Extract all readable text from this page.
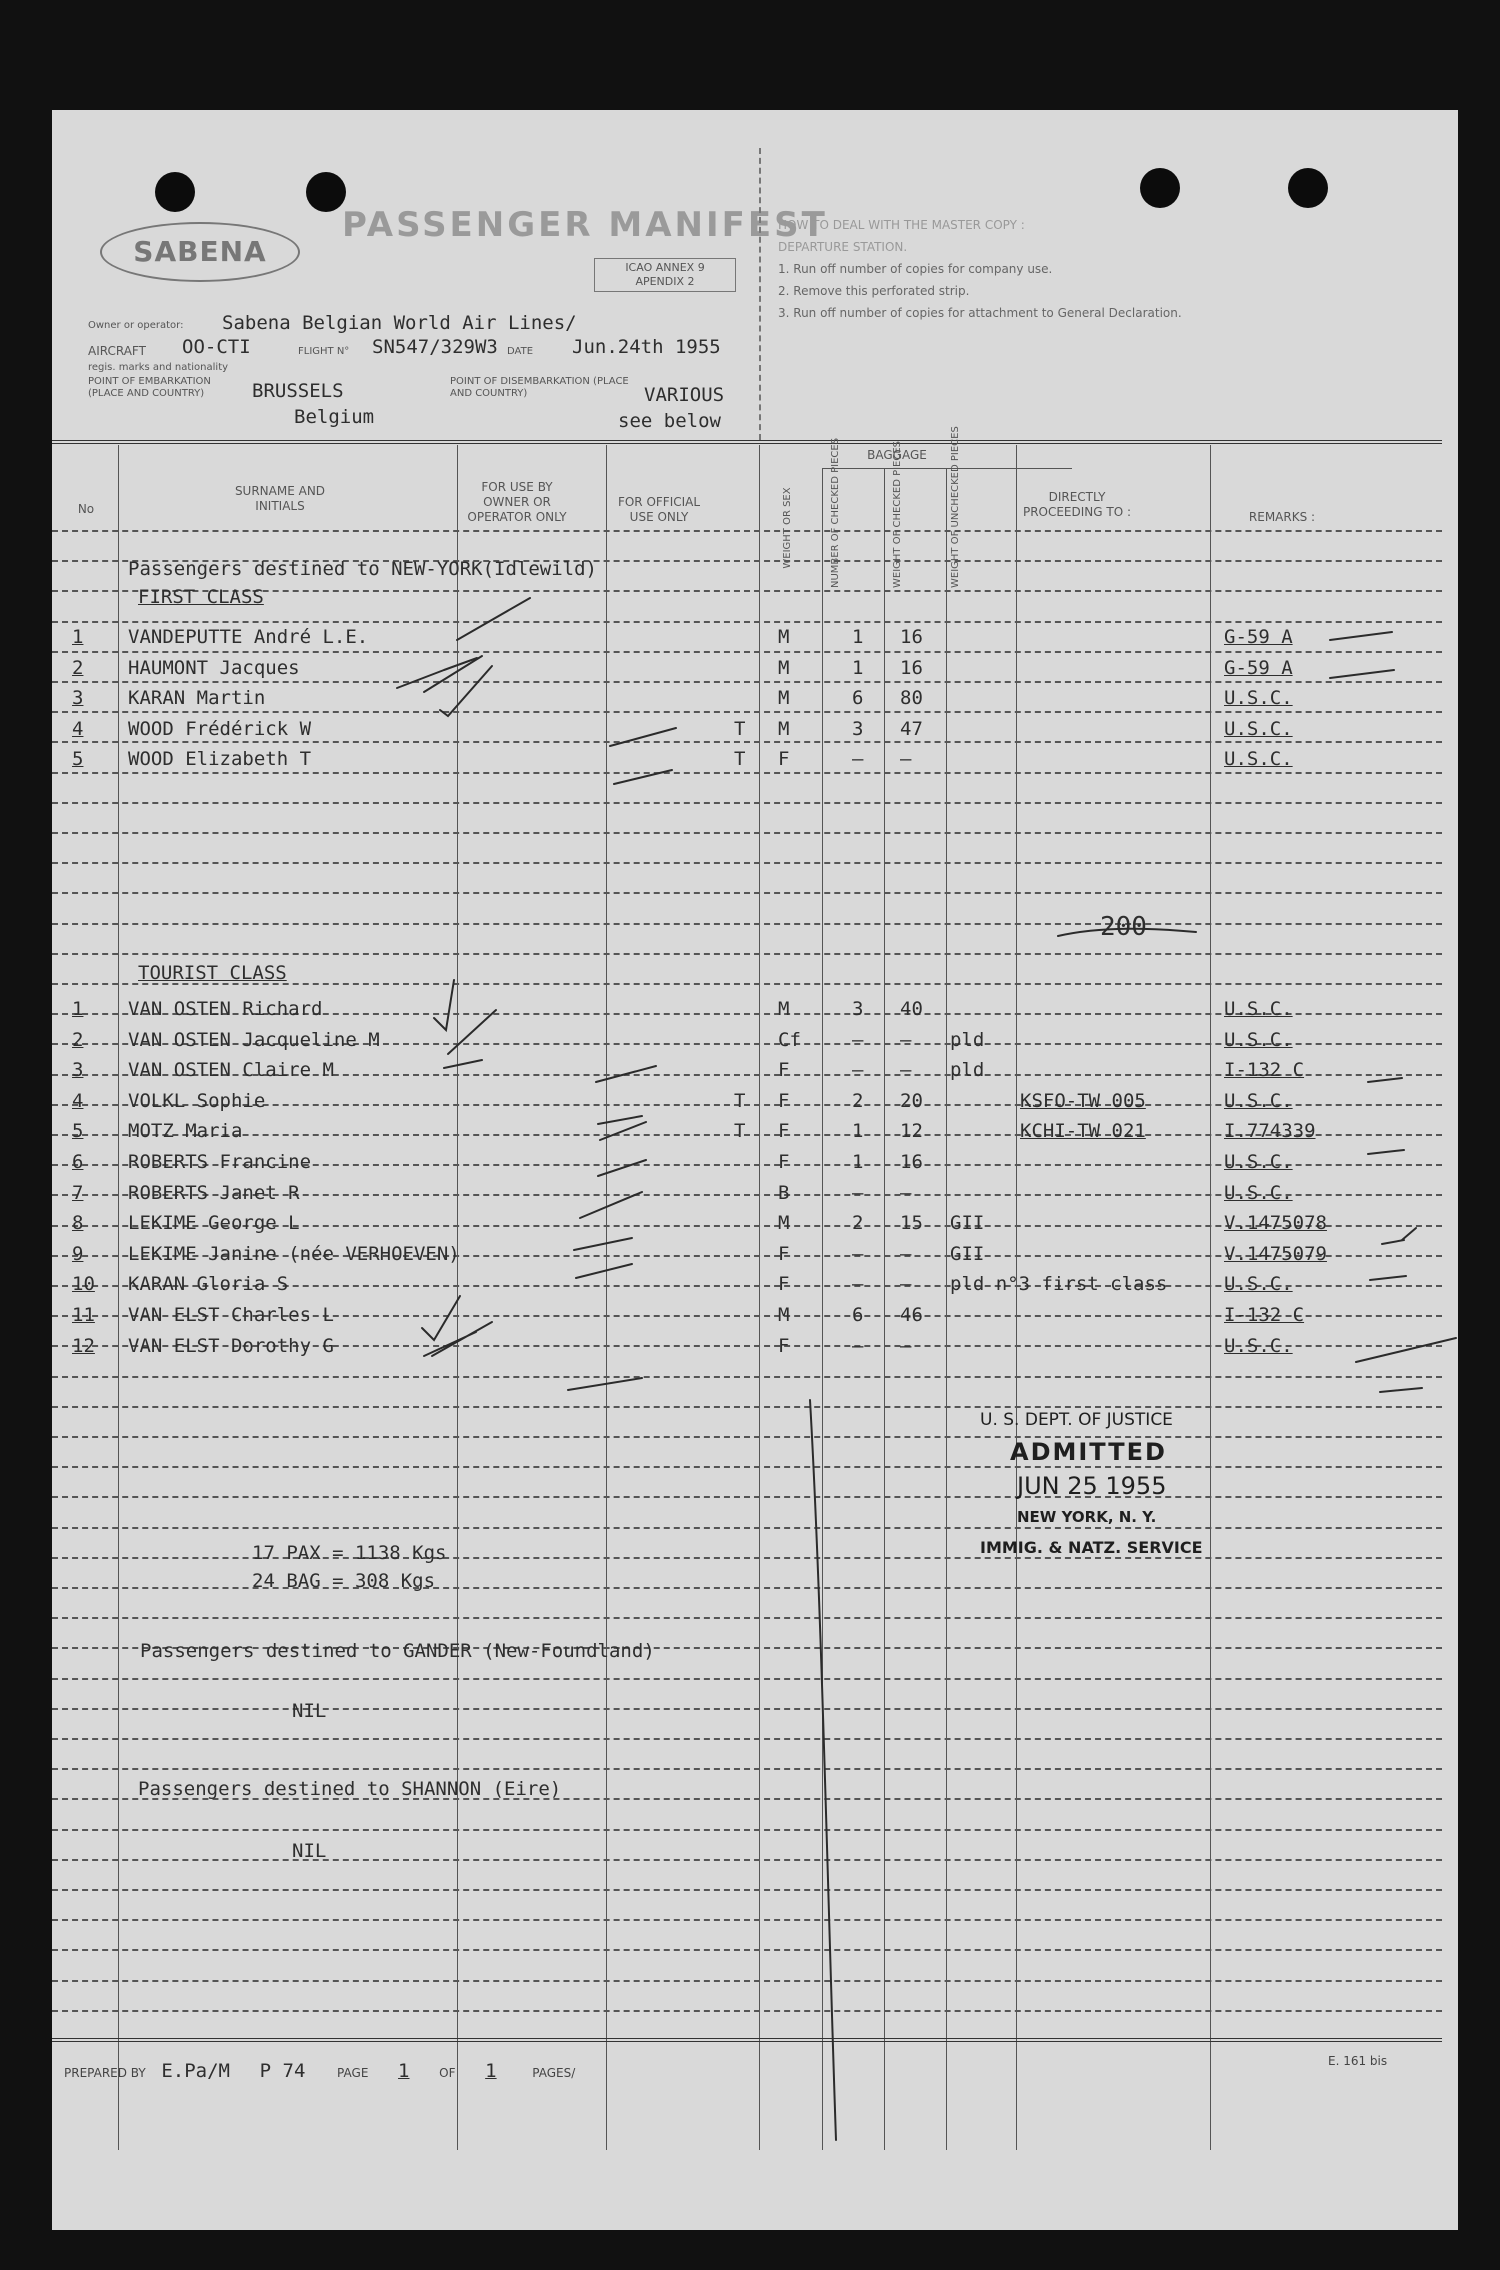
SABENA
PASSENGER MANIFEST
ICAO ANNEX 9
APENDIX 2
Owner or operator: Sabena Belgian World Air Lines/
AIRCRAFT OO-CTI	FLIGHT N° SN547/329W3 DATE Jun.24th 1955
regis. marks and nationality
POINT OF EMBARKATION (PLACE AND COUNTRY)	BRUSSELS
Belgium
POINT OF DISEMBARKATION (PLACE AND COUNTRY)	VARIOUS
see below
HOW TO DEAL WITH THE MASTER COPY :
DEPARTURE STATION.
1. Run off number of copies for company use.
2. Remove this perforated strip.
3. Run off number of copies for attachment to General Declaration.
No
SURNAME AND INITIALS
FOR USE BY OWNER OR OPERATOR ONLY
FOR OFFICIAL USE ONLY
BAGGAGE
DIRECTLY PROCEEDING TO :	REMARKS :
WEIGHT OR SEX	NUMBER OF CHECKED PIECES	WEIGHT OF CHECKED PIECES	WEIGHT OF UNCHECKED PIECES
Passengers destined to NEW-YORK(Idlewild)
FIRST CLASS
1 VANDEPUTTE André L.E.	M	1 16	G-59 A
2 HAUMONT Jacques	M	1 16	G-59 A
3 KARAN Martin	M	6 80	U.S.C.
4 WOOD Frédérick W	T M	3 47	U.S.C.
5 WOOD Elizabeth T	T F	– —	U.S.C.
200
TOURIST CLASS
1 VAN OSTEN Richard	M	3 40	U.S.C.
2 VAN OSTEN Jacqueline M	Cf	– — pld	U.S.C.
3 VAN OSTEN Claire M	F	– — pld	I-132 C
4 VOLKL Sophie	T F	2 20	KSFO-TW 005	U.S.C.
5 MOTZ Maria	T F	1 12	KCHI-TW 021	I.774339
6 ROBERTS Francine	F	1 16	U.S.C.
7 ROBERTS Janet R	B	– —	U.S.C.
8 LEKIME George L	M	2 15 GII	V.1475078
9 LEKIME Janine (née VERHOEVEN)	F	– — GII	V.1475079
10 KARAN Gloria S	F	– — pld n°3 first class	U.S.C.
11 VAN ELST Charles L	M	6 46	I-132 C
12 VAN ELST Dorothy G	F	– —	U.S.C.
U. S. DEPT. OF JUSTICE
ADMITTED
JUN 25 1955
NEW YORK, N. Y.
IMMIG. & NATZ. SERVICE
17 PAX = 1138 Kgs
24 BAG = 308 Kgs
Passengers destined to GANDER (New-Foundland)
NIL
Passengers destined to SHANNON (Eire)
NIL
PREPARED BY E.Pa/M P 74	PAGE 1 OF 1	PAGES/
E. 161 bis
